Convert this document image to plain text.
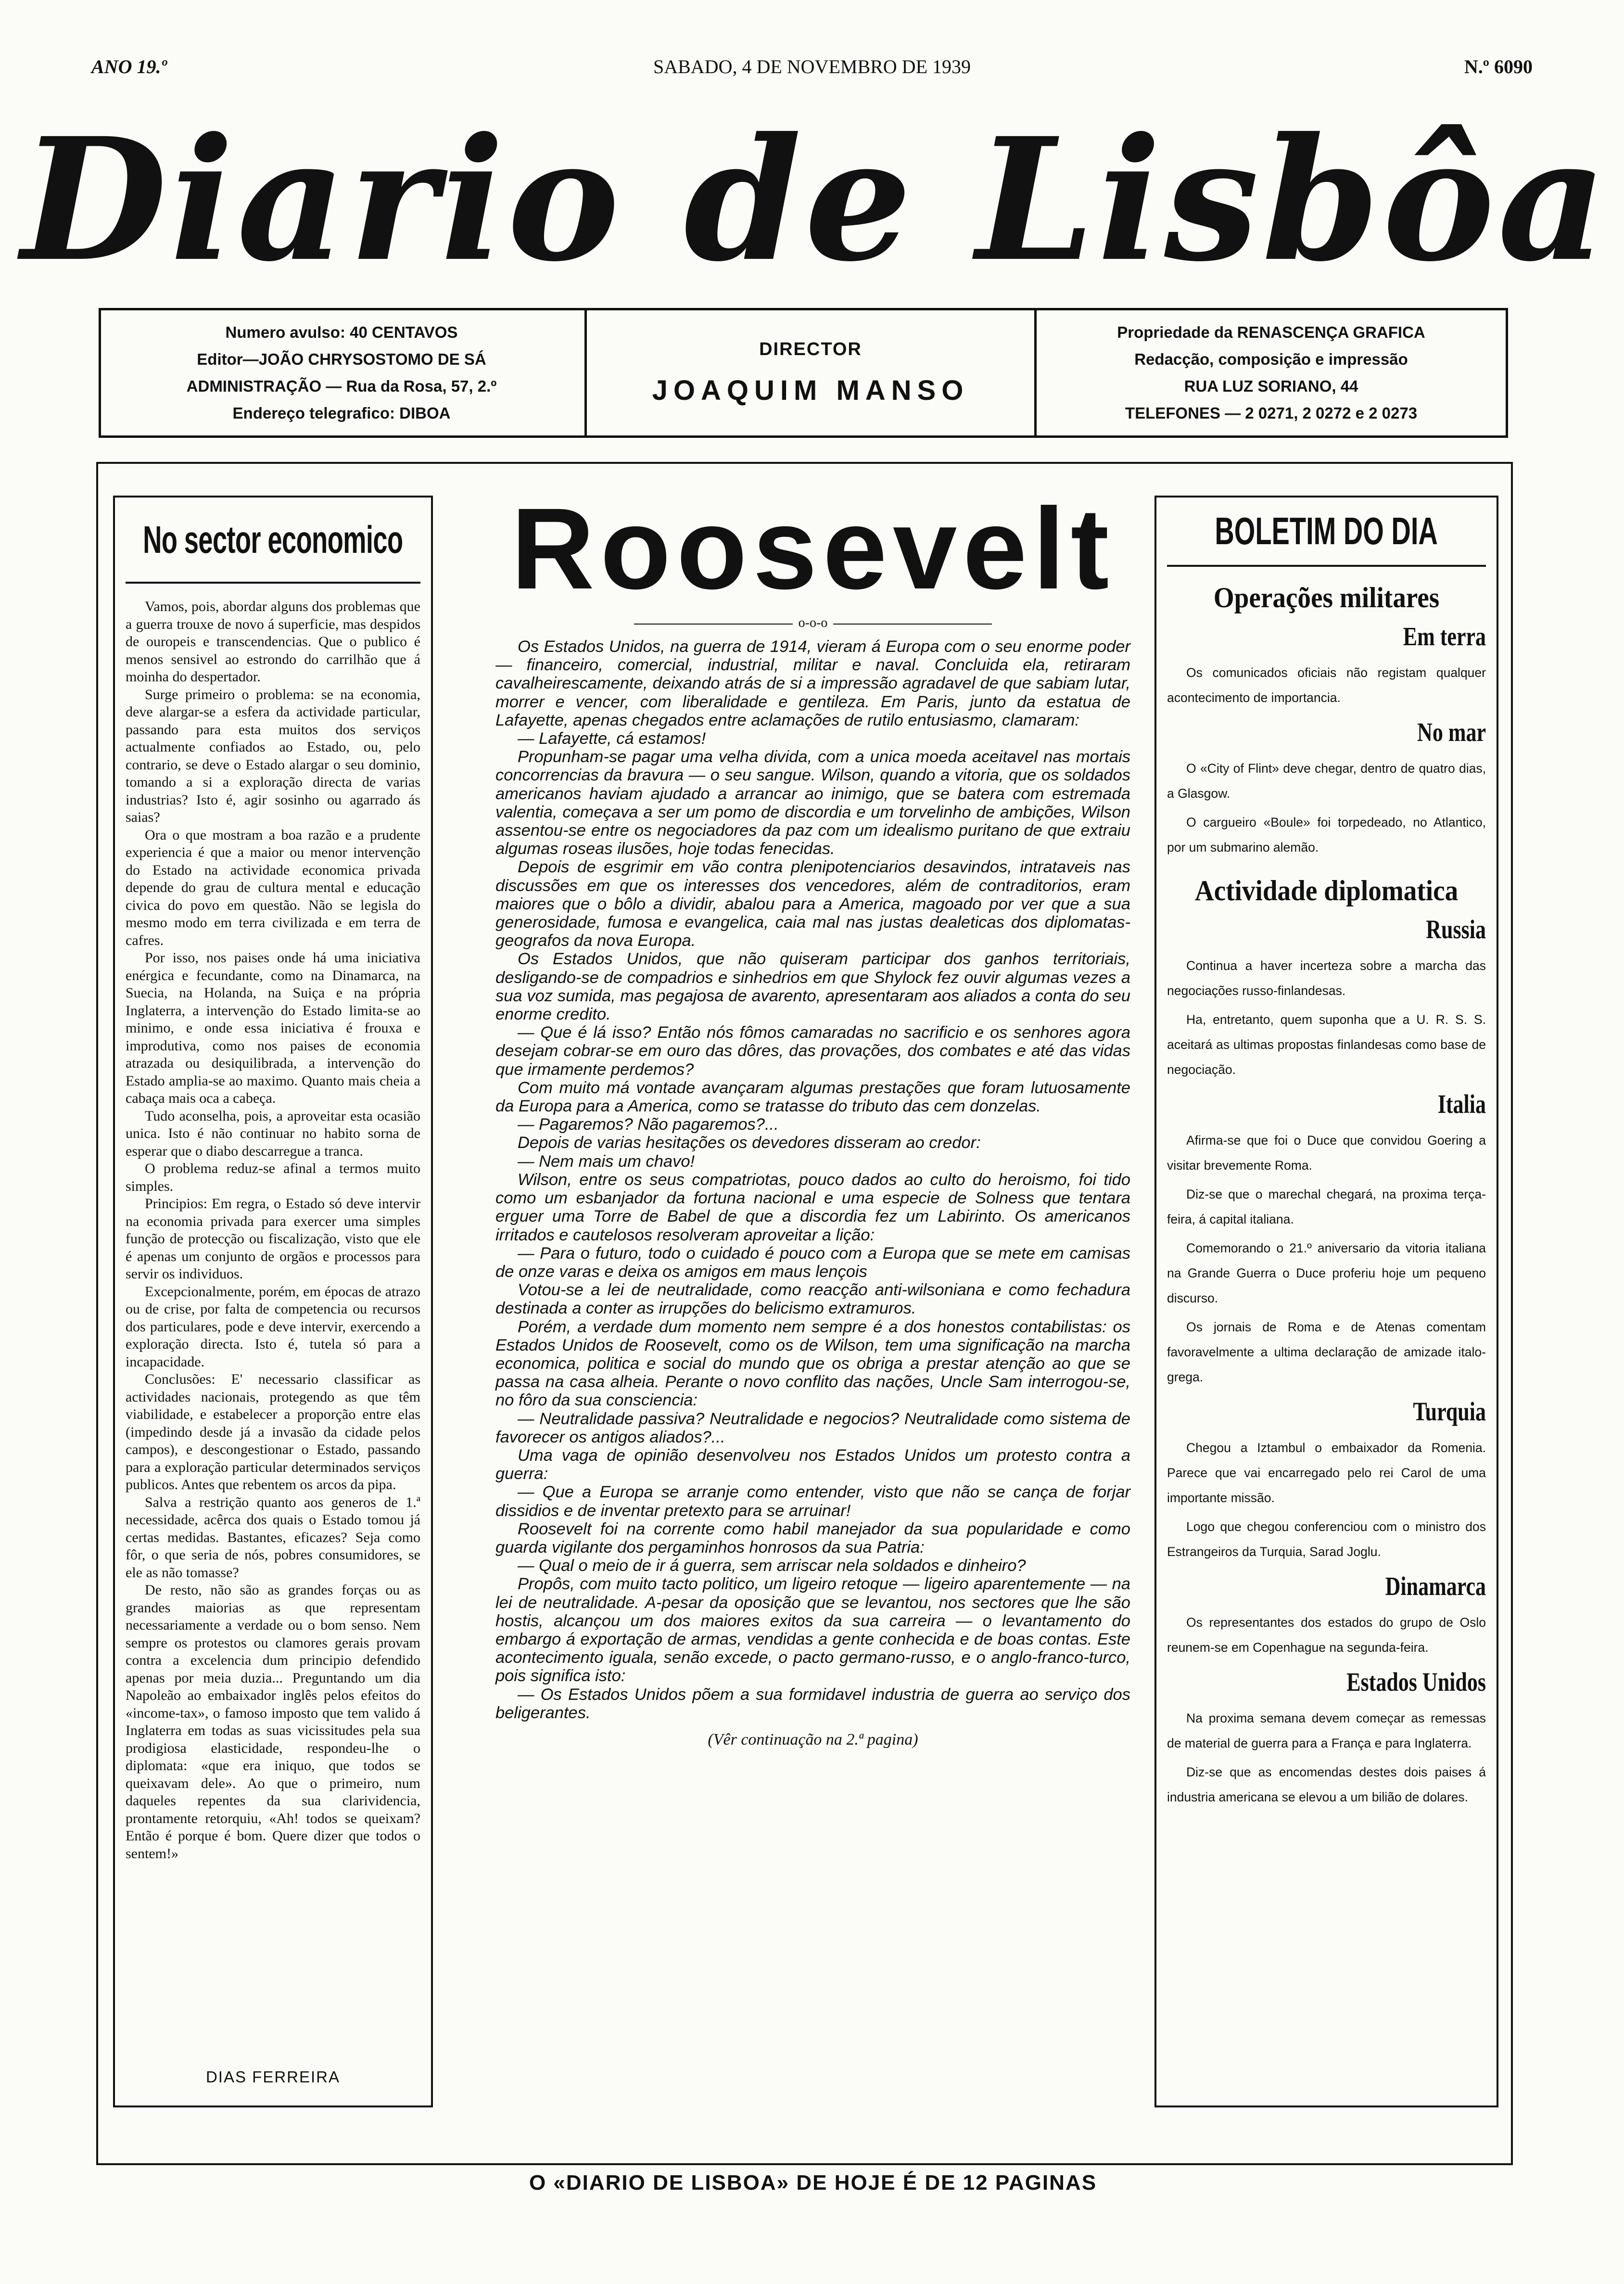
ANO 19.º	SABADO, 4 DE NOVEMBRO DE 1939	N.º 6090
Diario de Lisbôa
Numero avulso: 40 CENTAVOS
Editor—JOÃO CHRYSOSTOMO DE SÁ
ADMINISTRAÇÃO — Rua da Rosa, 57, 2.º
Endereço telegrafico: DIBOA
DIRECTOR
JOAQUIM MANSO
Propriedade da RENASCENÇA GRAFICA
Redacção, composição e impressão
RUA LUZ SORIANO, 44
TELEFONES — 2 0271, 2 0272 e 2 0273
No sector economico

Vamos, pois, abordar alguns dos problemas que a guerra trouxe de novo á superficie, mas despidos de ouropeis e transcendencias. Que o publico é menos sensivel ao estrondo do carrilhão que á moinha do despertador.

Surge primeiro o problema: se na economia, deve alargar-se a esfera da actividade particular, passando para esta muitos dos serviços actualmente confiados ao Estado, ou, pelo contrario, se deve o Estado alargar o seu dominio, tomando a si a exploração directa de varias industrias? Isto é, agir sosinho ou agarrado ás saias?

Ora o que mostram a boa razão e a prudente experiencia é que a maior ou menor intervenção do Estado na actividade economica privada depende do grau de cultura mental e educação civica do povo em questão. Não se legisla do mesmo modo em terra civilizada e em terra de cafres.

Por isso, nos paises onde há uma iniciativa enérgica e fecundante, como na Dinamarca, na Suecia, na Holanda, na Suiça e na própria Inglaterra, a intervenção do Estado limita-se ao minimo, e onde essa iniciativa é frouxa e improdutiva, como nos paises de economia atrazada ou desiquilibrada, a intervenção do Estado amplia-se ao maximo. Quanto mais cheia a cabaça mais oca a cabeça.

Tudo aconselha, pois, a aproveitar esta ocasião unica. Isto é não continuar no habito sorna de esperar que o diabo descarregue a tranca.

O problema reduz-se afinal a termos muito simples.

Principios: Em regra, o Estado só deve intervir na economia privada para exercer uma simples função de protecção ou fiscalização, visto que ele é apenas um conjunto de orgãos e processos para servir os individuos.

Excepcionalmente, porém, em épocas de atrazo ou de crise, por falta de competencia ou recursos dos particulares, pode e deve intervir, exercendo a exploração directa. Isto é, tutela só para a incapacidade.

Conclusões: E' necessario classificar as actividades nacionais, protegendo as que têm viabilidade, e estabelecer a proporção entre elas (impedindo desde já a invasão da cidade pelos campos), e descongestionar o Estado, passando para a exploração particular determinados serviços publicos. Antes que rebentem os arcos da pipa.

Salva a restrição quanto aos generos de 1.ª necessidade, acêrca dos quais o Estado tomou já certas medidas. Bastantes, eficazes? Seja como fôr, o que seria de nós, pobres consumidores, se ele as não tomasse?

De resto, não são as grandes forças ou as grandes maiorias as que representam necessariamente a verdade ou o bom senso. Nem sempre os protestos ou clamores gerais provam contra a excelencia dum principio defendido apenas por meia duzia... Preguntando um dia Napoleão ao embaixador inglês pelos efeitos do «income-tax», o famoso imposto que tem valido á Inglaterra em todas as suas vicissitudes pela sua prodigiosa elasticidade, respondeu-lhe o diplomata: «que era iniquo, que todos se queixavam dele». Ao que o primeiro, num daqueles repentes da sua clarividencia, prontamente retorquiu, «Ah! todos se queixam? Então é porque é bom. Quere dizer que todos o sentem!»

DIAS FERREIRA
Roosevelt
o-o-o

Os Estados Unidos, na guerra de 1914, vieram á Europa com o seu enorme poder — financeiro, comercial, industrial, militar e naval. Concluida ela, retiraram cavalheirescamente, deixando atrás de si a impressão agradavel de que sabiam lutar, morrer e vencer, com liberalidade e gentileza. Em Paris, junto da estatua de Lafayette, apenas chegados entre aclamações de rutilo entusiasmo, clamaram:

— Lafayette, cá estamos!

Propunham-se pagar uma velha divida, com a unica moeda aceitavel nas mortais concorrencias da bravura — o seu sangue. Wilson, quando a vitoria, que os soldados americanos haviam ajudado a arrancar ao inimigo, que se batera com estremada valentia, começava a ser um pomo de discordia e um torvelinho de ambições, Wilson assentou-se entre os negociadores da paz com um idealismo puritano de que extraiu algumas roseas ilusões, hoje todas fenecidas.

Depois de esgrimir em vão contra plenipotenciarios desavindos, intrataveis nas discussões em que os interesses dos vencedores, além de contraditorios, eram maiores que o bôlo a dividir, abalou para a America, magoado por ver que a sua generosidade, fumosa e evangelica, caia mal nas justas dealeticas dos diplomatas-geografos da nova Europa.

Os Estados Unidos, que não quiseram participar dos ganhos territoriais, desligando-se de compadrios e sinhedrios em que Shylock fez ouvir algumas vezes a sua voz sumida, mas pegajosa de avarento, apresentaram aos aliados a conta do seu enorme credito.

— Que é lá isso? Então nós fômos camaradas no sacrificio e os senhores agora desejam cobrar-se em ouro das dôres, das provações, dos combates e até das vidas que irmamente perdemos?

Com muito má vontade avançaram algumas prestações que foram lutuosamente da Europa para a America, como se tratasse do tributo das cem donzelas.

— Pagaremos? Não pagaremos?...

Depois de varias hesitações os devedores disseram ao credor:

— Nem mais um chavo!

Wilson, entre os seus compatriotas, pouco dados ao culto do heroismo, foi tido como um esbanjador da fortuna nacional e uma especie de Solness que tentara erguer uma Torre de Babel de que a discordia fez um Labirinto. Os americanos irritados e cautelosos resolveram aproveitar a lição:

— Para o futuro, todo o cuidado é pouco com a Europa que se mete em camisas de onze varas e deixa os amigos em maus lençois

Votou-se a lei de neutralidade, como reacção anti-wilsoniana e como fechadura destinada a conter as irrupções do belicismo extramuros.

Porém, a verdade dum momento nem sempre é a dos honestos contabilistas: os Estados Unidos de Roosevelt, como os de Wilson, tem uma significação na marcha economica, politica e social do mundo que os obriga a prestar atenção ao que se passa na casa alheia. Perante o novo conflito das nações, Uncle Sam interrogou-se, no fôro da sua consciencia:

— Neutralidade passiva? Neutralidade e negocios? Neutralidade como sistema de favorecer os antigos aliados?...

Uma vaga de opinião desenvolveu nos Estados Unidos um protesto contra a guerra:

— Que a Europa se arranje como entender, visto que não se cança de forjar dissidios e de inventar pretexto para se arruinar!

Roosevelt foi na corrente como habil manejador da sua popularidade e como guarda vigilante dos pergaminhos honrosos da sua Patria:

— Qual o meio de ir á guerra, sem arriscar nela soldados e dinheiro?

Propôs, com muito tacto politico, um ligeiro retoque — ligeiro aparentemente — na lei de neutralidade. A-pesar da oposição que se levantou, nos sectores que lhe são hostis, alcançou um dos maiores exitos da sua carreira — o levantamento do embargo á exportação de armas, vendidas a gente conhecida e de boas contas. Este acontecimento iguala, senão excede, o pacto germano-russo, e o anglo-franco-turco, pois significa isto:

— Os Estados Unidos põem a sua formidavel industria de guerra ao serviço dos beligerantes.

(Vêr continuação na 2.ª pagina)
BOLETIM DO DIA
Operações militares
Em terra

Os comunicados oficiais não registam qualquer acontecimento de importancia.

No mar

O «City of Flint» deve chegar, dentro de quatro dias, a Glasgow.

O cargueiro «Boule» foi torpedeado, no Atlantico, por um submarino alemão.

Actividade diplomatica
Russia

Continua a haver incerteza sobre a marcha das negociações russo-finlandesas.

Ha, entretanto, quem suponha que a U. R. S. S. aceitará as ultimas propostas finlandesas como base de negociação.

Italia

Afirma-se que foi o Duce que convidou Goering a visitar brevemente Roma.

Diz-se que o marechal chegará, na proxima terça-feira, á capital italiana.

Comemorando o 21.º aniversario da vitoria italiana na Grande Guerra o Duce proferiu hoje um pequeno discurso.

Os jornais de Roma e de Atenas comentam favoravelmente a ultima declaração de amizade italo-grega.

Turquia

Chegou a Iztambul o embaixador da Romenia. Parece que vai encarregado pelo rei Carol de uma importante missão.

Logo que chegou conferenciou com o ministro dos Estrangeiros da Turquia, Sarad Joglu.

Dinamarca

Os representantes dos estados do grupo de Oslo reunem-se em Copenhague na segunda-feira.

Estados Unidos

Na proxima semana devem começar as remessas de material de guerra para a França e para Inglaterra.

Diz-se que as encomendas destes dois paises á industria americana se elevou a um bilião de dolares.

O «DIARIO DE LISBOA» DE HOJE É DE 12 PAGINAS
